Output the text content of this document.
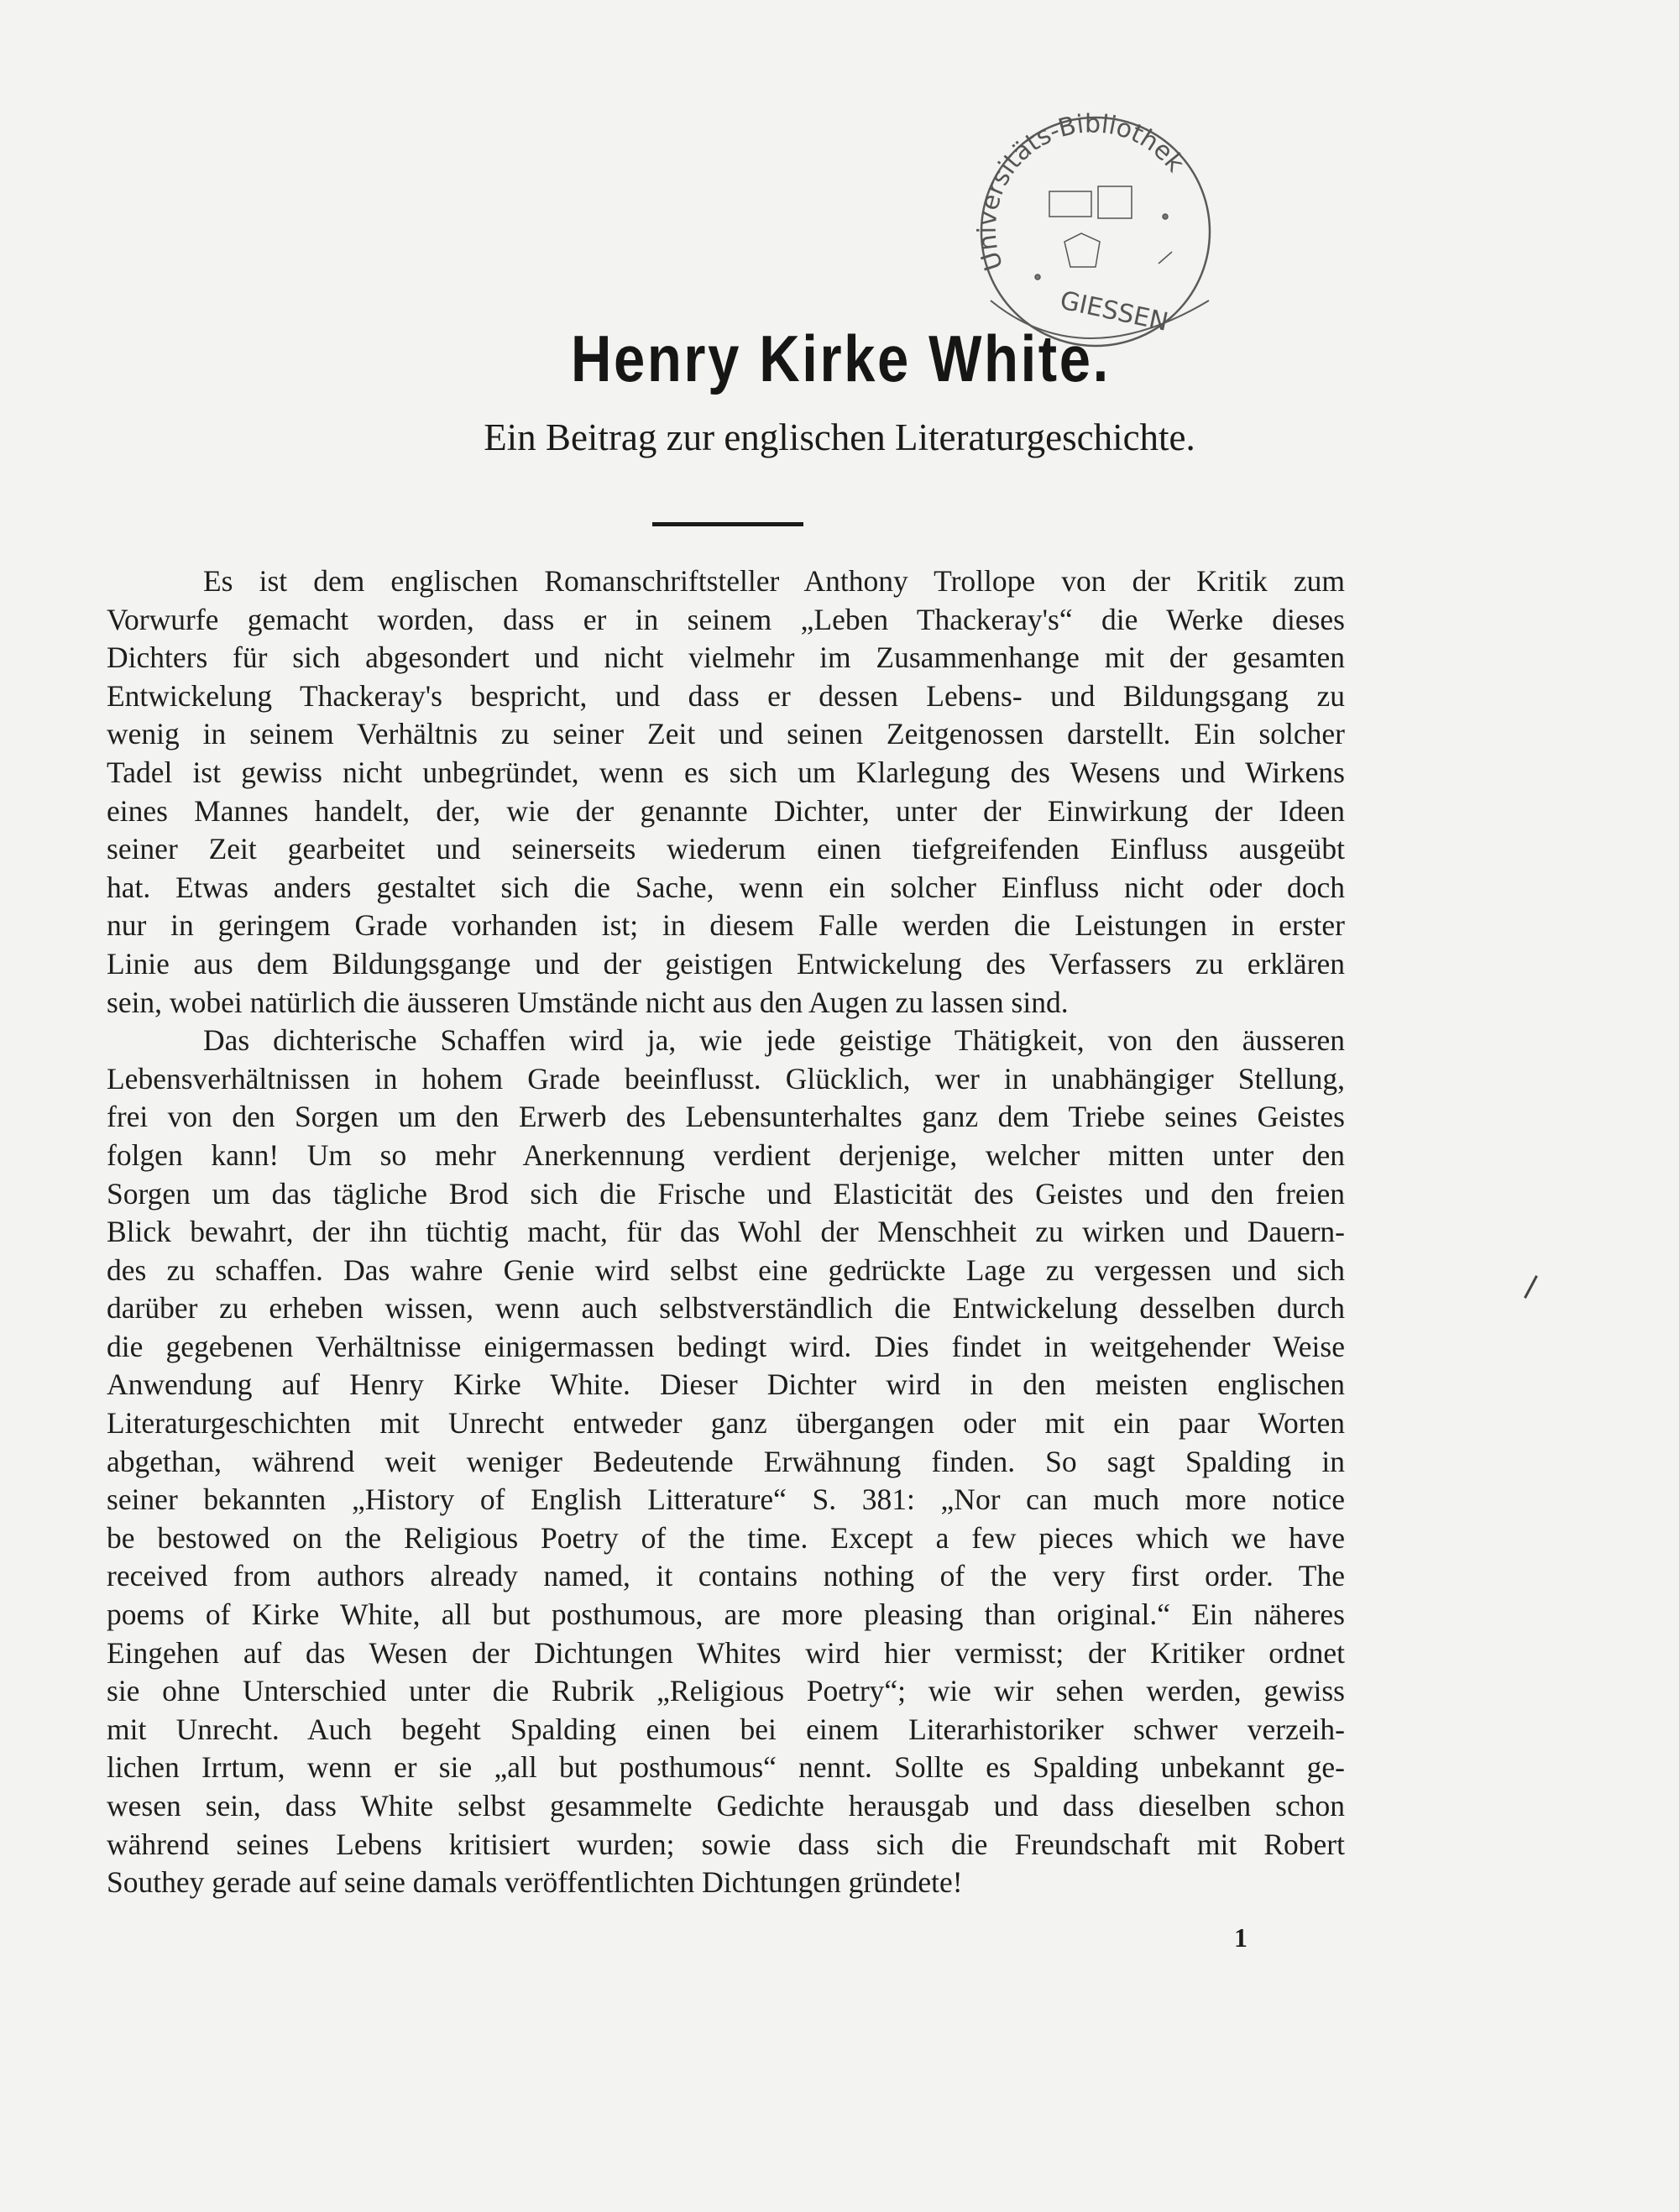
Universitäts-Bibliothek
GIESSEN
Henry Kirke White.
Ein Beitrag zur englischen Literaturgeschichte.
Es ist dem englischen Romanschriftsteller Anthony Trollope von der Kritik zum
Vorwurfe gemacht worden, dass er in seinem „Leben Thackeray's“ die Werke dieses
Dichters für sich abgesondert und nicht vielmehr im Zusammenhange mit der gesamten
Entwickelung Thackeray's bespricht, und dass er dessen Lebens- und Bildungsgang zu
wenig in seinem Verhältnis zu seiner Zeit und seinen Zeitgenossen darstellt. Ein solcher
Tadel ist gewiss nicht unbegründet, wenn es sich um Klarlegung des Wesens und Wirkens
eines Mannes handelt, der, wie der genannte Dichter, unter der Einwirkung der Ideen
seiner Zeit gearbeitet und seinerseits wiederum einen tiefgreifenden Einfluss ausgeübt
hat. Etwas anders gestaltet sich die Sache, wenn ein solcher Einfluss nicht oder doch
nur in geringem Grade vorhanden ist; in diesem Falle werden die Leistungen in erster
Linie aus dem Bildungsgange und der geistigen Entwickelung des Verfassers zu erklären
sein, wobei natürlich die äusseren Umstände nicht aus den Augen zu lassen sind.
Das dichterische Schaffen wird ja, wie jede geistige Thätigkeit, von den äusseren
Lebensverhältnissen in hohem Grade beeinflusst. Glücklich, wer in unabhängiger Stellung,
frei von den Sorgen um den Erwerb des Lebensunterhaltes ganz dem Triebe seines Geistes
folgen kann! Um so mehr Anerkennung verdient derjenige, welcher mitten unter den
Sorgen um das tägliche Brod sich die Frische und Elasticität des Geistes und den freien
Blick bewahrt, der ihn tüchtig macht, für das Wohl der Menschheit zu wirken und Dauern-
des zu schaffen. Das wahre Genie wird selbst eine gedrückte Lage zu vergessen und sich
darüber zu erheben wissen, wenn auch selbstverständlich die Entwickelung desselben durch
die gegebenen Verhältnisse einigermassen bedingt wird. Dies findet in weitgehender Weise
Anwendung auf Henry Kirke White. Dieser Dichter wird in den meisten englischen
Literaturgeschichten mit Unrecht entweder ganz übergangen oder mit ein paar Worten
abgethan, während weit weniger Bedeutende Erwähnung finden. So sagt Spalding in
seiner bekannten „History of English Litterature“ S. 381: „Nor can much more notice
be bestowed on the Religious Poetry of the time. Except a few pieces which we have
received from authors already named, it contains nothing of the very first order. The
poems of Kirke White, all but posthumous, are more pleasing than original.“ Ein näheres
Eingehen auf das Wesen der Dichtungen Whites wird hier vermisst; der Kritiker ordnet
sie ohne Unterschied unter die Rubrik „Religious Poetry“; wie wir sehen werden, gewiss
mit Unrecht. Auch begeht Spalding einen bei einem Literarhistoriker schwer verzeih-
lichen Irrtum, wenn er sie „all but posthumous“ nennt. Sollte es Spalding unbekannt ge-
wesen sein, dass White selbst gesammelte Gedichte herausgab und dass dieselben schon
während seines Lebens kritisiert wurden; sowie dass sich die Freundschaft mit Robert
Southey gerade auf seine damals veröffentlichten Dichtungen gründete!
1
